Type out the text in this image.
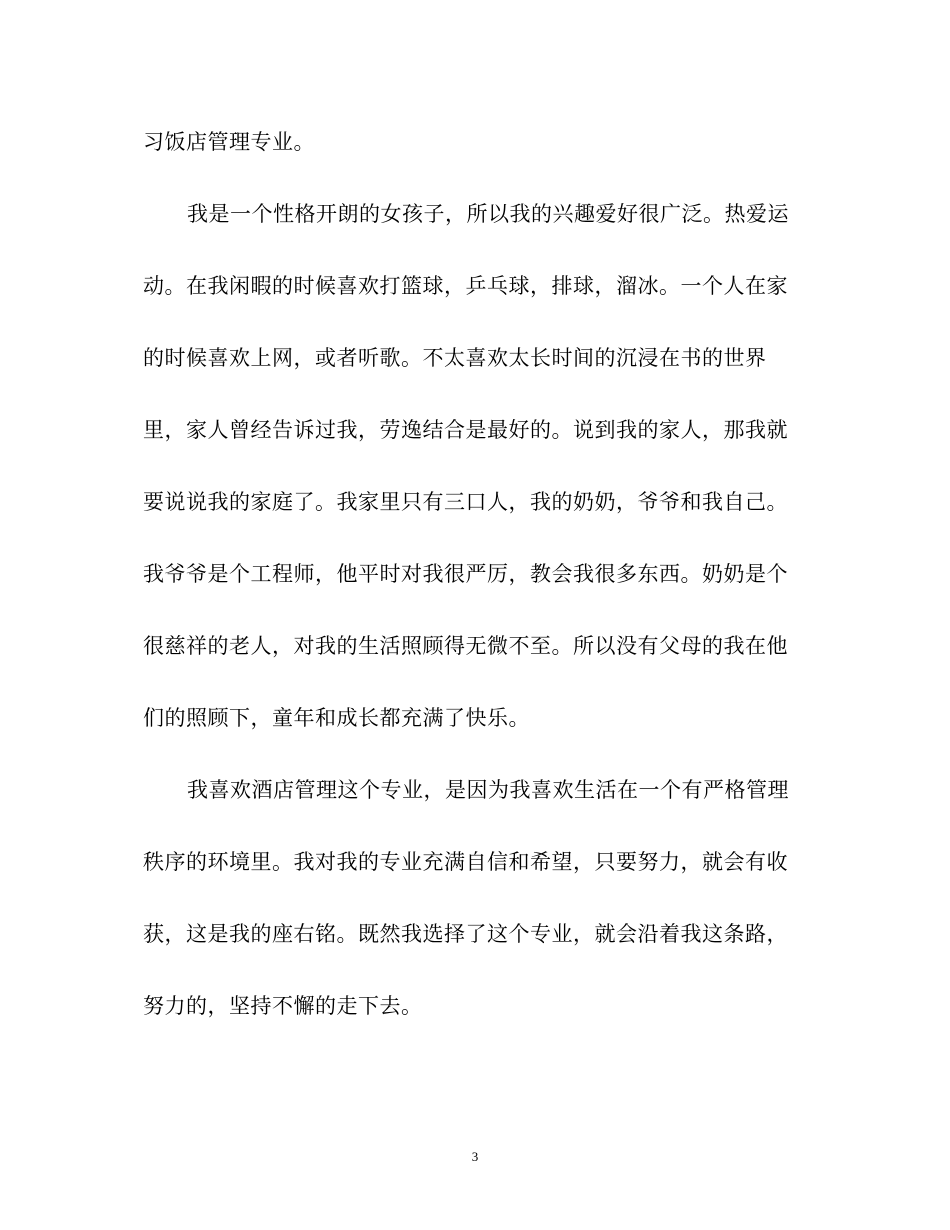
习饭店管理专业。
我是一个性格开朗的女孩子，所以我的兴趣爱好很广泛。热爱运
动。在我闲暇的时候喜欢打篮球，乒乓球，排球，溜冰。一个人在家
的时候喜欢上网，或者听歌。不太喜欢太长时间的沉浸在书的世界
里，家人曾经告诉过我，劳逸结合是最好的。说到我的家人，那我就
要说说我的家庭了。我家里只有三口人，我的奶奶，爷爷和我自己。
我爷爷是个工程师，他平时对我很严厉，教会我很多东西。奶奶是个
很慈祥的老人，对我的生活照顾得无微不至。所以没有父母的我在他
们的照顾下，童年和成长都充满了快乐。
我喜欢酒店管理这个专业，是因为我喜欢生活在一个有严格管理
秩序的环境里。我对我的专业充满自信和希望，只要努力，就会有收
获，这是我的座右铭。既然我选择了这个专业，就会沿着我这条路，
努力的，坚持不懈的走下去。
3
